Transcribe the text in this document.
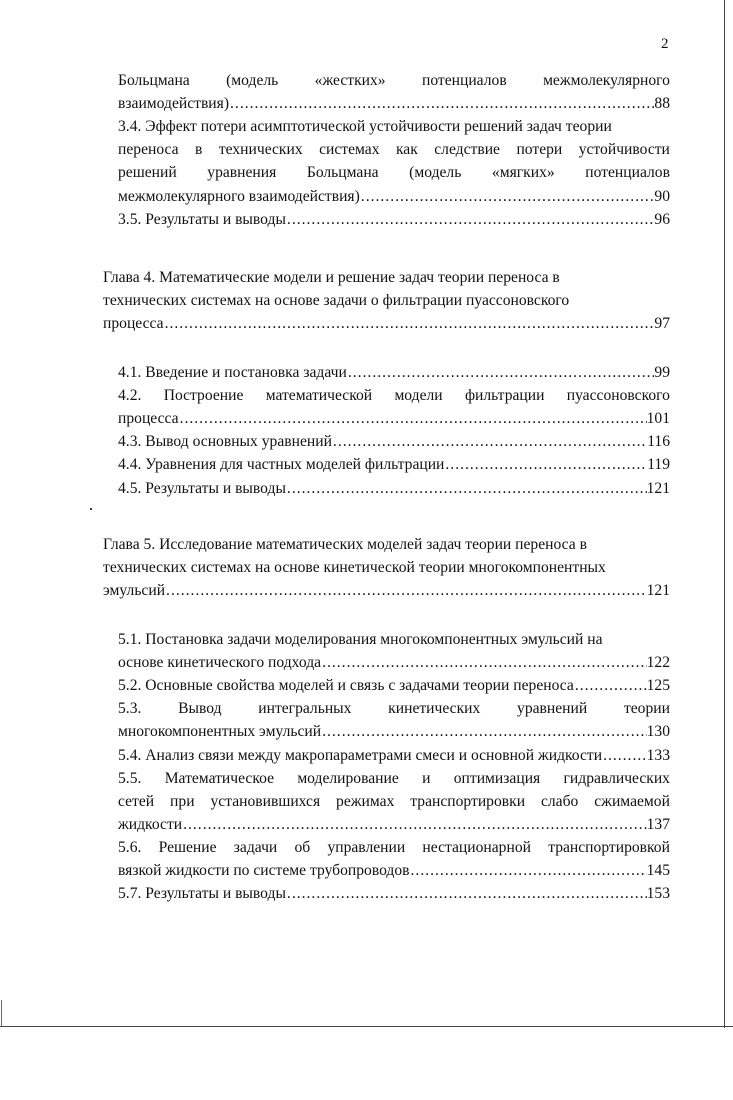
2
Больцмана (модель «жестких» потенциалов межмолекулярного
взаимодействия) .....	88
3.4. Эффект потери асимптотической устойчивости решений задач теории
переноса в технических системах как следствие потери устойчивости
решений уравнения Больцмана (модель «мягких» потенциалов
межмолекулярного взаимодействия) .....	90
3.5. Результаты и выводы .....	96
Глава 4. Математические модели и решение задач теории переноса в
технических системах на основе задачи о фильтрации пуассоновского
процесса .....	97
4.1. Введение и постановка задачи .....	99
4.2. Построение математической модели фильтрации пуассоновского
процесса .....	101
4.3. Вывод основных уравнений .....	116
4.4. Уравнения для частных моделей фильтрации .....	119
4.5. Результаты и выводы .....	121
Глава 5. Исследование математических моделей задач теории переноса в
технических системах на основе кинетической теории многокомпонентных
эмульсий .....	121
5.1. Постановка задачи моделирования многокомпонентных эмульсий на
основе кинетического подхода .....	122
5.2. Основные свойства моделей и связь с задачами теории переноса .....	125
5.3. Вывод интегральных кинетических уравнений теории
многокомпонентных эмульсий .....	130
5.4. Анализ связи между макропараметрами смеси и основной жидкости .....	133
5.5. Математическое моделирование и оптимизация гидравлических
сетей при установившихся режимах транспортировки слабо сжимаемой
жидкости .....	137
5.6. Решение задачи об управлении нестационарной транспортировкой
вязкой жидкости по системе трубопроводов .....	145
5.7. Результаты и выводы .....	153
